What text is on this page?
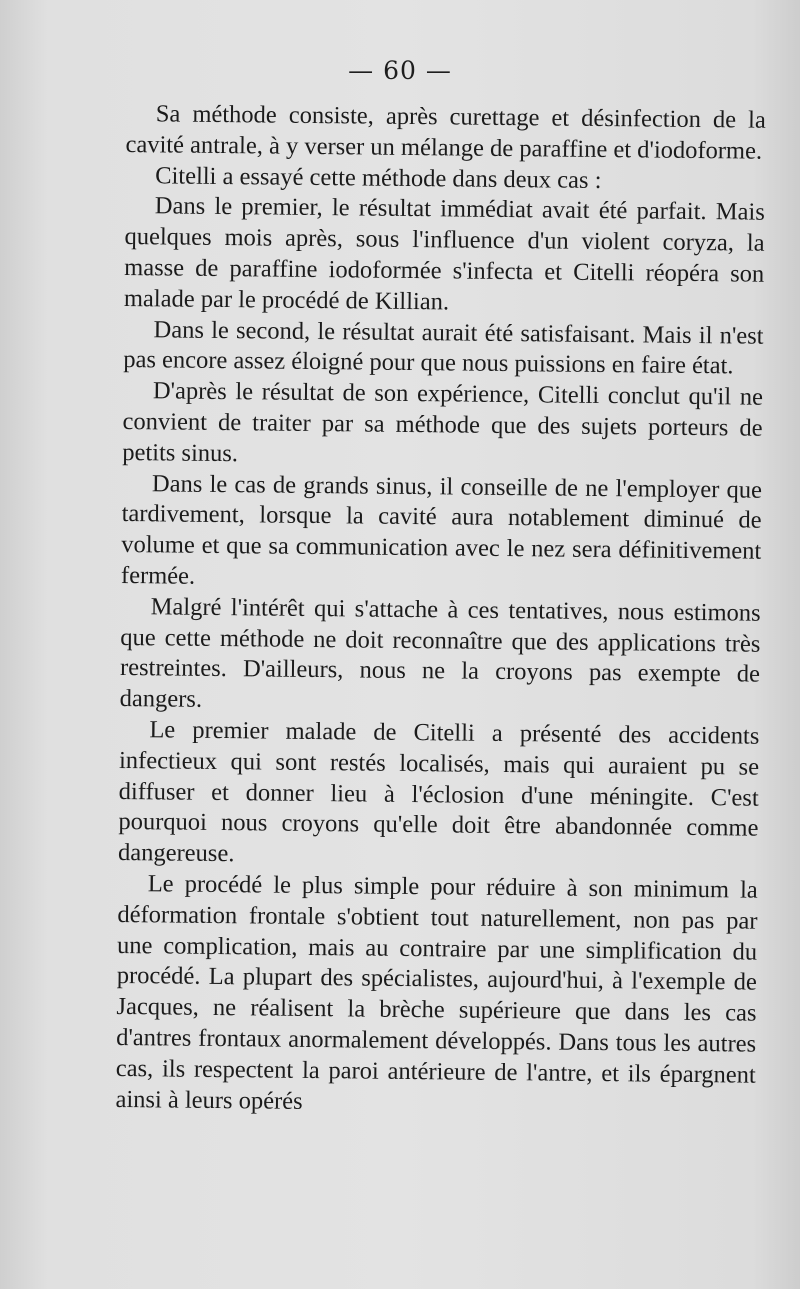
— 60 —

Sa méthode consiste, après curettage et désinfection de la cavité antrale, à y verser un mélange de paraffine et d'iodoforme.

Citelli a essayé cette méthode dans deux cas :

Dans le premier, le résultat immédiat avait été parfait. Mais quelques mois après, sous l'influence d'un violent coryza, la masse de paraffine iodoformée s'infecta et Citelli réopéra son malade par le procédé de Killian.

Dans le second, le résultat aurait été satisfaisant. Mais il n'est pas encore assez éloigné pour que nous puissions en faire état.

D'après le résultat de son expérience, Citelli conclut qu'il ne convient de traiter par sa méthode que des sujets porteurs de petits sinus.

Dans le cas de grands sinus, il conseille de ne l'employer que tardivement, lorsque la cavité aura notablement diminué de volume et que sa communication avec le nez sera définitivement fermée.

Malgré l'intérêt qui s'attache à ces tentatives, nous estimons que cette méthode ne doit reconnaître que des applications très restreintes. D'ailleurs, nous ne la croyons pas exempte de dangers.

Le premier malade de Citelli a présenté des accidents infectieux qui sont restés localisés, mais qui auraient pu se diffuser et donner lieu à l'éclosion d'une méningite. C'est pourquoi nous croyons qu'elle doit être abandonnée comme dangereuse.

Le procédé le plus simple pour réduire à son minimum la déformation frontale s'obtient tout naturellement, non pas par une complication, mais au contraire par une simplification du procédé. La plupart des spécialistes, aujourd'hui, à l'exemple de Jacques, ne réalisent la brèche supérieure que dans les cas d'antres frontaux anormalement développés. Dans tous les autres cas, ils respectent la paroi antérieure de l'antre, et ils épargnent ainsi à leurs opérés
